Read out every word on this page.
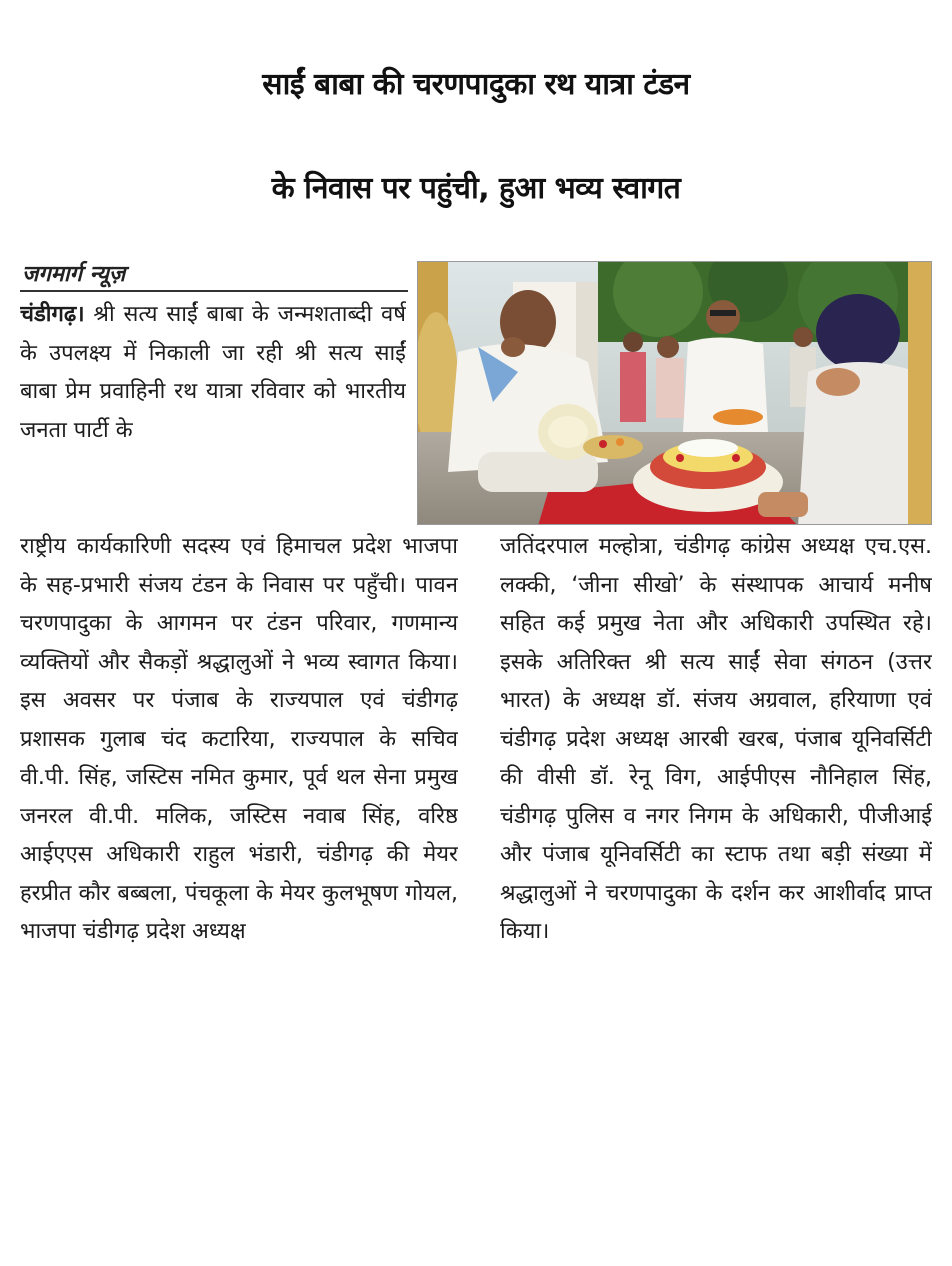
साईं बाबा की चरणपादुका रथ यात्रा टंडन
के निवास पर पहुंची, हुआ भव्य स्वागत
जगमार्ग न्यूज़
चंडीगढ़। श्री सत्य साईं बाबा के जन्मशताब्दी वर्ष के उपलक्ष्य में निकाली जा रही श्री सत्य साईं बाबा प्रेम प्रवाहिनी रथ यात्रा रविवार को भारतीय जनता पार्टी के
राष्ट्रीय कार्यकारिणी सदस्य एवं हिमाचल प्रदेश भाजपा के सह-प्रभारी संजय टंडन के निवास पर पहुँची। पावन चरणपादुका के आगमन पर टंडन परिवार, गणमान्य व्यक्तियों और सैकड़ों श्रद्धालुओं ने भव्य स्वागत किया। इस अवसर पर पंजाब के राज्यपाल एवं चंडीगढ़ प्रशासक गुलाब चंद कटारिया, राज्यपाल के सचिव वी.पी. सिंह, जस्टिस नमित कुमार, पूर्व थल सेना प्रमुख जनरल वी.पी. मलिक, जस्टिस नवाब सिंह, वरिष्ठ आईएएस अधिकारी राहुल भंडारी, चंडीगढ़ की मेयर हरप्रीत कौर बब्बला, पंचकूला के मेयर कुलभूषण गोयल, भाजपा चंडीगढ़ प्रदेश अध्यक्ष
जतिंदरपाल मल्होत्रा, चंडीगढ़ कांग्रेस अध्यक्ष एच.एस. लक्की, ‘जीना सीखो’ के संस्थापक आचार्य मनीष सहित कई प्रमुख नेता और अधिकारी उपस्थित रहे। इसके अतिरिक्त श्री सत्य साईं सेवा संगठन (उत्तर भारत) के अध्यक्ष डॉ. संजय अग्रवाल, हरियाणा एवं चंडीगढ़ प्रदेश अध्यक्ष आरबी खरब, पंजाब यूनिवर्सिटी की वीसी डॉ. रेनू विग, आईपीएस नौनिहाल सिंह, चंडीगढ़ पुलिस व नगर निगम के अधिकारी, पीजीआई और पंजाब यूनिवर्सिटी का स्टाफ तथा बड़ी संख्या में श्रद्धालुओं ने चरणपादुका के दर्शन कर आशीर्वाद प्राप्त किया।
